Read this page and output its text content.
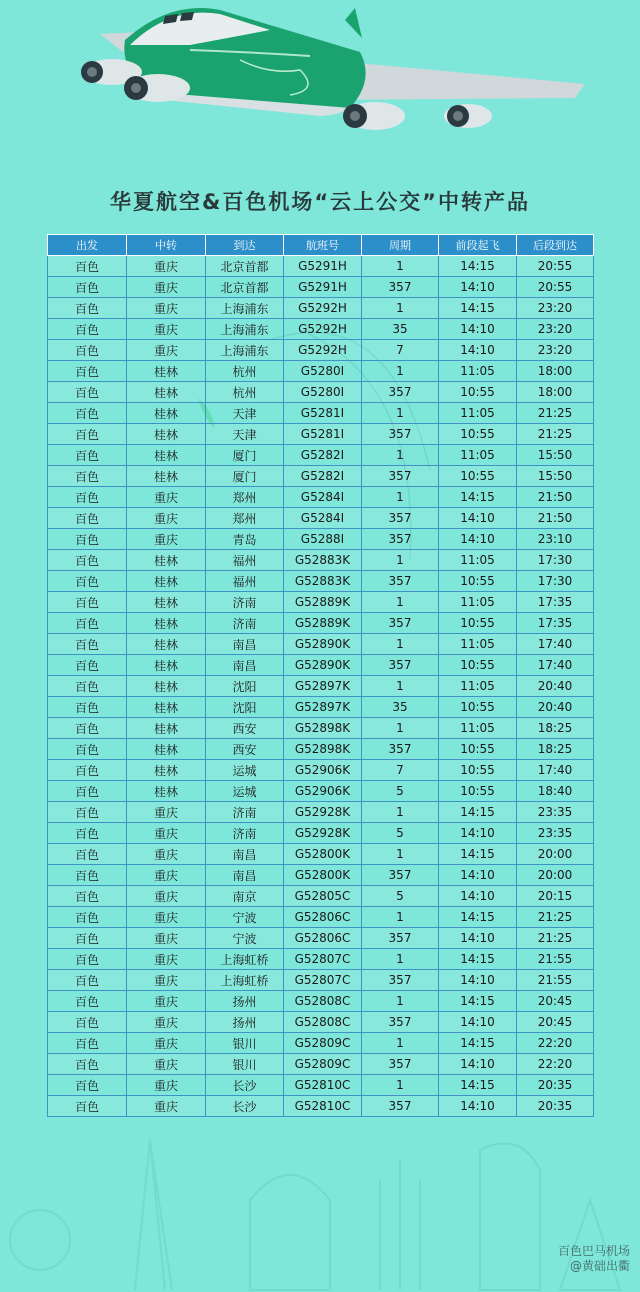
华夏航空&百色机场“云上公交”中转产品
出发	中转	到达	航班号	周期	前段起飞	后段到达
百色	重庆	北京首都	G5291H	1	14:15	20:55
百色	重庆	北京首都	G5291H	357	14:10	20:55
百色	重庆	上海浦东	G5292H	1	14:15	23:20
百色	重庆	上海浦东	G5292H	35	14:10	23:20
百色	重庆	上海浦东	G5292H	7	14:10	23:20
百色	桂林	杭州	G5280I	1	11:05	18:00
百色	桂林	杭州	G5280I	357	10:55	18:00
百色	桂林	天津	G5281I	1	11:05	21:25
百色	桂林	天津	G5281I	357	10:55	21:25
百色	桂林	厦门	G5282I	1	11:05	15:50
百色	桂林	厦门	G5282I	357	10:55	15:50
百色	重庆	郑州	G5284I	1	14:15	21:50
百色	重庆	郑州	G5284I	357	14:10	21:50
百色	重庆	青岛	G5288I	357	14:10	23:10
百色	桂林	福州	G52883K	1	11:05	17:30
百色	桂林	福州	G52883K	357	10:55	17:30
百色	桂林	济南	G52889K	1	11:05	17:35
百色	桂林	济南	G52889K	357	10:55	17:35
百色	桂林	南昌	G52890K	1	11:05	17:40
百色	桂林	南昌	G52890K	357	10:55	17:40
百色	桂林	沈阳	G52897K	1	11:05	20:40
百色	桂林	沈阳	G52897K	35	10:55	20:40
百色	桂林	西安	G52898K	1	11:05	18:25
百色	桂林	西安	G52898K	357	10:55	18:25
百色	桂林	运城	G52906K	7	10:55	17:40
百色	桂林	运城	G52906K	5	10:55	18:40
百色	重庆	济南	G52928K	1	14:15	23:35
百色	重庆	济南	G52928K	5	14:10	23:35
百色	重庆	南昌	G52800K	1	14:15	20:00
百色	重庆	南昌	G52800K	357	14:10	20:00
百色	重庆	南京	G52805C	5	14:10	20:15
百色	重庆	宁波	G52806C	1	14:15	21:25
百色	重庆	宁波	G52806C	357	14:10	21:25
百色	重庆	上海虹桥	G52807C	1	14:15	21:55
百色	重庆	上海虹桥	G52807C	357	14:10	21:55
百色	重庆	扬州	G52808C	1	14:15	20:45
百色	重庆	扬州	G52808C	357	14:10	20:45
百色	重庆	银川	G52809C	1	14:15	22:20
百色	重庆	银川	G52809C	357	14:10	22:20
百色	重庆	长沙	G52810C	1	14:15	20:35
百色	重庆	长沙	G52810C	357	14:10	20:35
百色巴马机场
@黄础出衢
